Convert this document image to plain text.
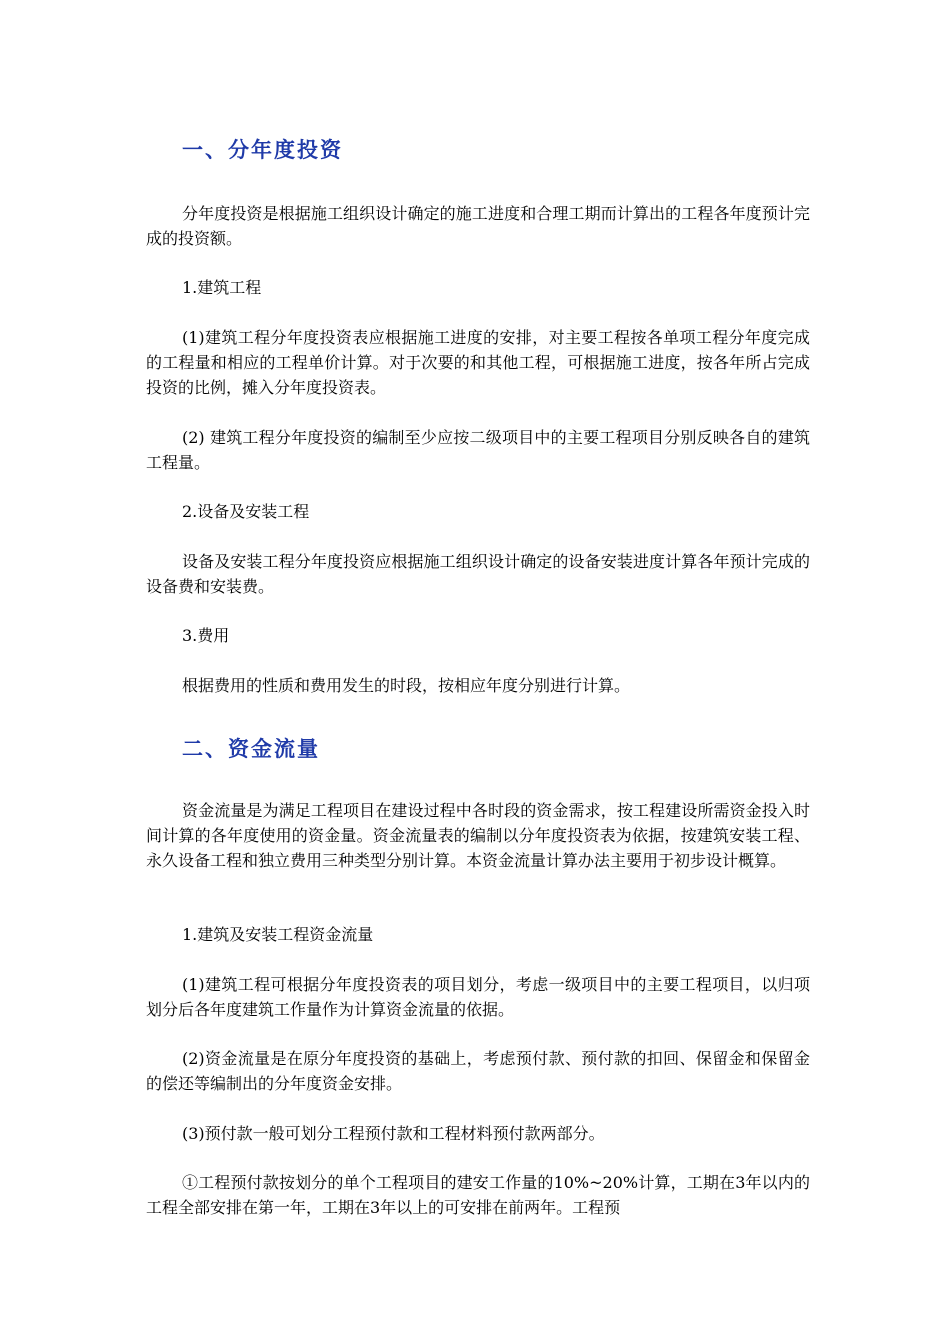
一、分年度投资

分年度投资是根据施工组织设计确定的施工进度和合理工期而计算出的工程各年度预计完成的投资额。

1.建筑工程

(1)建筑工程分年度投资表应根据施工进度的安排，对主要工程按各单项工程分年度完成的工程量和相应的工程单价计算。对于次要的和其他工程，可根据施工进度，按各年所占完成投资的比例，摊入分年度投资表。

(2) 建筑工程分年度投资的编制至少应按二级项目中的主要工程项目分别反映各自的建筑工程量。

2.设备及安装工程

设备及安装工程分年度投资应根据施工组织设计确定的设备安装进度计算各年预计完成的设备费和安装费。

3.费用

根据费用的性质和费用发生的时段，按相应年度分别进行计算。

二、资金流量

资金流量是为满足工程项目在建设过程中各时段的资金需求，按工程建设所需资金投入时间计算的各年度使用的资金量。资金流量表的编制以分年度投资表为依据，按建筑安装工程、永久设备工程和独立费用三种类型分别计算。本资金流量计算办法主要用于初步设计概算。

1.建筑及安装工程资金流量

(1)建筑工程可根据分年度投资表的项目划分，考虑一级项目中的主要工程项目，以归项划分后各年度建筑工作量作为计算资金流量的依据。

(2)资金流量是在原分年度投资的基础上，考虑预付款、预付款的扣回、保留金和保留金的偿还等编制出的分年度资金安排。

(3)预付款一般可划分工程预付款和工程材料预付款两部分。

①工程预付款按划分的单个工程项目的建安工作量的10%~20%计算，工期在3年以内的工程全部安排在第一年，工期在3年以上的可安排在前两年。工程预
